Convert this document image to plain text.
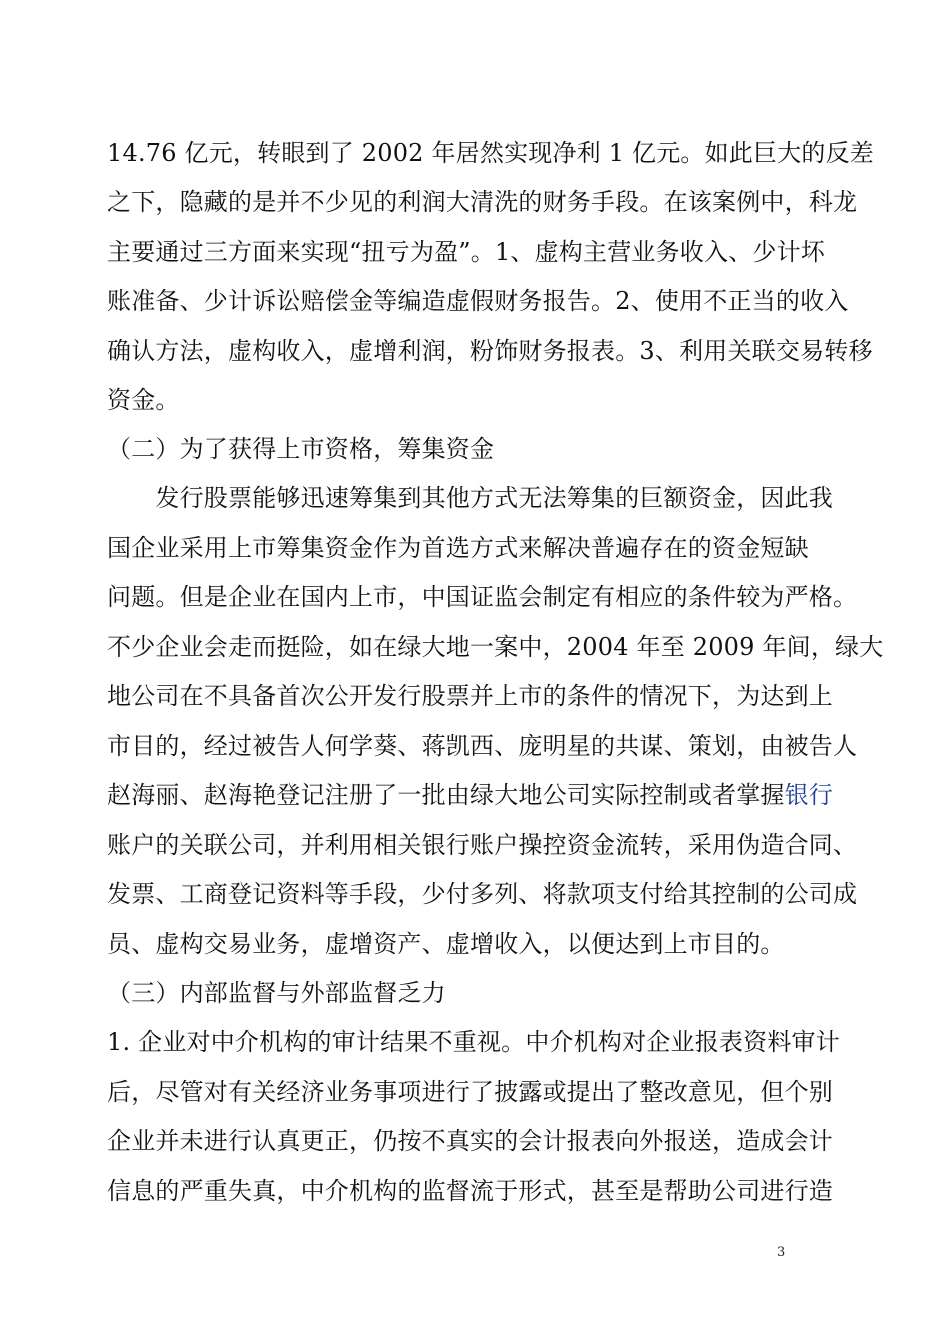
14.76 亿元，转眼到了 2002 年居然实现净利 1 亿元。如此巨大的反差
之下，隐藏的是并不少见的利润大清洗的财务手段。在该案例中，科龙
主要通过三方面来实现“扭亏为盈”。1、虚构主营业务收入、少计坏
账准备、少计诉讼赔偿金等编造虚假财务报告。2、使用不正当的收入
确认方法，虚构收入，虚增利润，粉饰财务报表。3、利用关联交易转移
资金。
（二）为了获得上市资格，筹集资金
　　发行股票能够迅速筹集到其他方式无法筹集的巨额资金，因此我
国企业采用上市筹集资金作为首选方式来解决普遍存在的资金短缺
问题。但是企业在国内上市，中国证监会制定有相应的条件较为严格。
不少企业会走而挺险，如在绿大地一案中，2004 年至 2009 年间，绿大
地公司在不具备首次公开发行股票并上市的条件的情况下，为达到上
市目的，经过被告人何学葵、蒋凯西、庞明星的共谋、策划，由被告人
赵海丽、赵海艳登记注册了一批由绿大地公司实际控制或者掌握银行
账户的关联公司，并利用相关银行账户操控资金流转，采用伪造合同、
发票、工商登记资料等手段，少付多列、将款项支付给其控制的公司成
员、虚构交易业务，虚增资产、虚增收入，以便达到上市目的。
（三）内部监督与外部监督乏力
1. 企业对中介机构的审计结果不重视。中介机构对企业报表资料审计
后，尽管对有关经济业务事项进行了披露或提出了整改意见，但个别
企业并未进行认真更正，仍按不真实的会计报表向外报送，造成会计
信息的严重失真，中介机构的监督流于形式，甚至是帮助公司进行造
3
